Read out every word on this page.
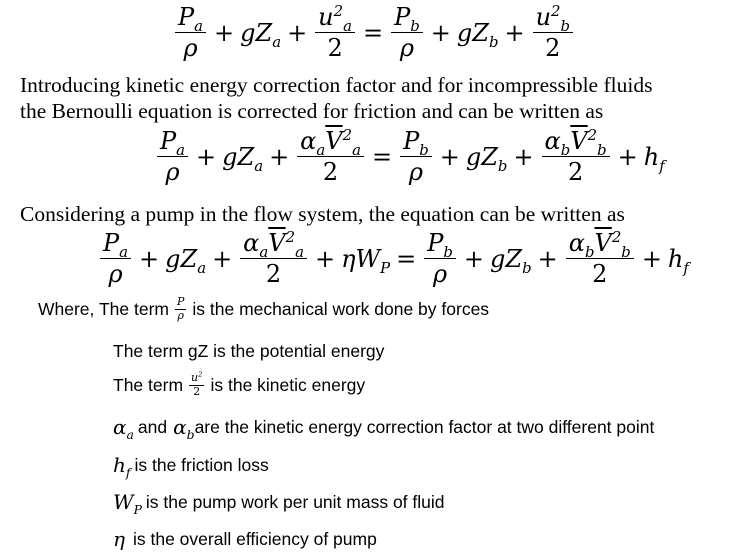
$\frac{P_a}{\rho} + gZ_a + \frac{u^2_a}{2} = \frac{P_b}{\rho} + gZ_b + \frac{u^2_b}{2}$
Introducing kinetic energy correction factor and for incompressible fluids
the Bernoulli equation is corrected for friction and can be written as
$\frac{P_a}{\rho} + gZ_a + \frac{\alpha_a\overline{V}^2_a}{2} = \frac{P_b}{\rho} + gZ_b + \frac{\alpha_b\overline{V}^2_b}{2} + h_f$
Considering a pump in the flow system, the equation can be written as
$\frac{P_a}{\rho} + gZ_a + \frac{\alpha_a\overline{V}^2_a}{2} + \eta W_P = \frac{P_b}{\rho} + gZ_b + \frac{\alpha_b\overline{V}^2_b}{2} + h_f$
Where, The term $\frac{P}{\rho}$ is the mechanical work done by forces
The term gZ is the potential energy
The term $\frac{u^2}{2}$ is the kinetic energy
$\alpha_a$ and $\alpha_b$ are the kinetic energy correction factor at two different point
$h_f$ is the friction loss
$W_P$ is the pump work per unit mass of fluid
η is the overall efficiency of pump
